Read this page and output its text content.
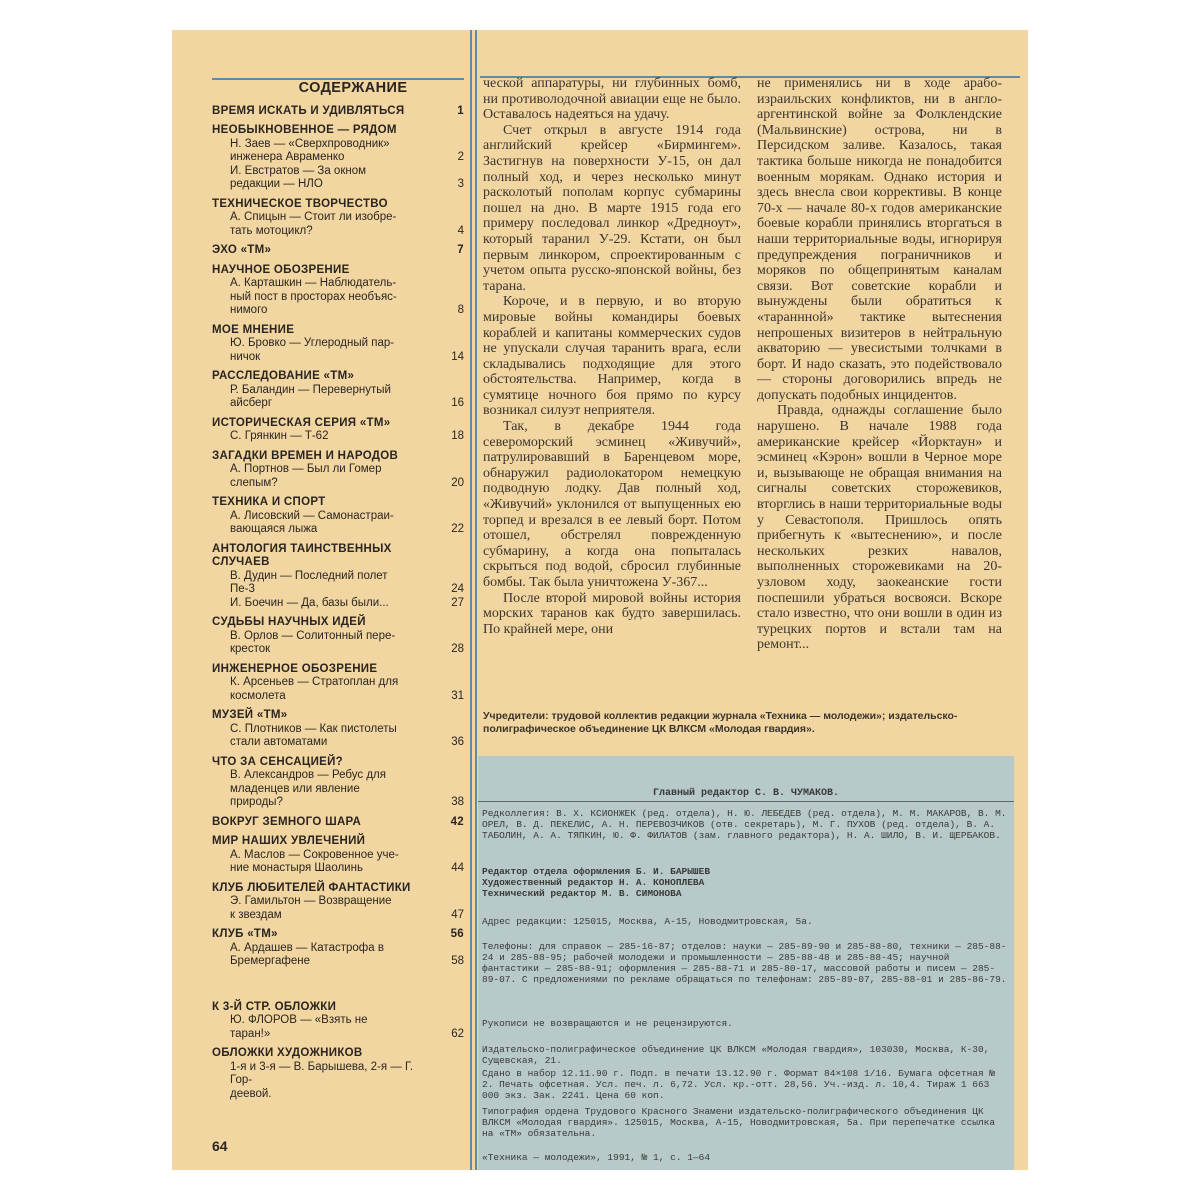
СОДЕРЖАНИЕ
ВРЕМЯ ИСКАТЬ И УДИВЛЯТЬСЯ	1
НЕОБЫКНОВЕННОЕ — РЯДОМ
Н. Заев — «Сверхпроводник»
инженера Авраменко	2
И. Евстратов — За окном
редакции — НЛО	3
ТЕХНИЧЕСКОЕ ТВОРЧЕСТВО
А. Спицын — Стоит ли изобре-
тать мотоцикл?	4
ЭХО «ТМ»	7
НАУЧНОЕ ОБОЗРЕНИЕ
А. Карташкин — Наблюдатель-
ный пост в просторах необъяс-
нимого	8
МОЕ МНЕНИЕ
Ю. Бровко — Углеродный пар-
ничок	14
РАССЛЕДОВАНИЕ «ТМ»
Р. Баландин — Перевернутый
айсберг	16
ИСТОРИЧЕСКАЯ СЕРИЯ «ТМ»
С. Грянкин — Т-62	18
ЗАГАДКИ ВРЕМЕН И НАРОДОВ
А. Портнов — Был ли Гомер
слепым?	20
ТЕХНИКА И СПОРТ
А. Лисовский — Самонастраи-
вающаяся лыжа	22
АНТОЛОГИЯ ТАИНСТВЕННЫХ СЛУЧАЕВ
В. Дудин — Последний полет
Пе-3	24
И. Боечин — Да, базы были...	27
СУДЬБЫ НАУЧНЫХ ИДЕЙ
В. Орлов — Солитонный пере-
кресток	28
ИНЖЕНЕРНОЕ ОБОЗРЕНИЕ
К. Арсеньев — Стратоплан для
космолета	31
МУЗЕЙ «ТМ»
С. Плотников — Как пистолеты
стали автоматами	36
ЧТО ЗА СЕНСАЦИЕЙ?
В. Александров — Ребус для
младенцев или явление
природы?	38
ВОКРУГ ЗЕМНОГО ШАРА	42
МИР НАШИХ УВЛЕЧЕНИЙ
А. Маслов — Сокровенное уче-
ние монастыря Шаолинь	44
КЛУБ ЛЮБИТЕЛЕЙ ФАНТАСТИКИ
Э. Гамильтон — Возвращение
к звездам	47
КЛУБ «ТМ»	56
А. Ардашев — Катастрофа в
Бремергафене	58
К 3-Й СТР. ОБЛОЖКИ
Ю. ФЛОРОВ — «Взять не
таран!»	62
ОБЛОЖКИ ХУДОЖНИКОВ
1-я и 3-я — В. Барышева, 2-я — Г. Гор-
деевой.
64

ческой аппаратуры, ни глубинных бомб, ни противолодочной авиации еще не было. Оставалось надеяться на удачу.

Счет открыл в августе 1914 года английский крейсер «Бирмингем». Застигнув на поверхности У-15, он дал полный ход, и через несколько минут расколотый пополам корпус субмарины пошел на дно. В марте 1915 года его примеру последовал линкор «Дредноут», который таранил У-29. Кстати, он был первым линкором, спроектированным с учетом опыта русско-японской войны, без тарана.

Короче, и в первую, и во вторую мировые войны командиры боевых кораблей и капитаны коммерческих судов не упускали случая таранить врага, если складывались подходящие для этого обстоятельства. Например, когда в сумятице ночного боя прямо по курсу возникал силуэт неприятеля.

Так, в декабре 1944 года североморский эсминец «Живучий», патрулировавший в Баренцевом море, обнаружил радиолокатором немецкую подводную лодку. Дав полный ход, «Живучий» уклонился от выпущенных ею торпед и врезался в ее левый борт. Потом отошел, обстрелял поврежденную субмарину, а когда она попыталась скрыться под водой, сбросил глубинные бомбы. Так была уничтожена У-367...

После второй мировой войны история морских таранов как будто завершилась. По крайней мере, они

не применялись ни в ходе арабо-израильских конфликтов, ни в англо-аргентинской войне за Фолклендские (Мальвинские) острова, ни в Персидском заливе. Казалось, такая тактика больше никогда не понадобится военным морякам. Однако история и здесь внесла свои коррективы. В конце 70-х — начале 80-х годов американские боевые корабли принялись вторгаться в наши территориальные воды, игнорируя предупреждения пограничников и моряков по общепринятым каналам связи. Вот советские корабли и вынуждены были обратиться к «тараннной» тактике вытеснения непрошеных визитеров в нейтральную акваторию — увесистыми толчками в борт. И надо сказать, это подействовало — стороны договорились впредь не допускать подобных инцидентов.

Правда, однажды соглашение было нарушено. В начале 1988 года американские крейсер «Йорктаун» и эсминец «Кэрон» вошли в Черное море и, вызывающе не обращая внимания на сигналы советских сторожевиков, вторглись в наши территориальные воды у Севастополя. Пришлось опять прибегнуть к «вытеснению», и после нескольких резких навалов, выполненных сторожевиками на 20-узловом ходу, заокеанские гости поспешили убраться восвояси. Вскоре стало известно, что они вошли в один из турецких портов и встали там на ремонт...

Учредители: трудовой коллектив редакции журнала «Техника — молодежи»; издательско-полиграфическое объединение ЦК ВЛКСМ «Молодая гвардия».
Главный редактор С. В. ЧУМАКОВ.
Редколлегия: В. Х. КСИОНЖЕК (ред. отдела), Н. Ю. ЛЕБЕДЕВ (ред. отдела), М. М. МАКАРОВ, В. М. ОРЕЛ, В. Д. ПЕКЕЛИС, А. Н. ПЕРЕВОЗЧИКОВ (отв. секретарь), М. Г. ПУХОВ (ред. отдела), В. А. ТАБОЛИН, А. А. ТЯПКИН, Ю. Ф. ФИЛАТОВ (зам. главного редактора), Н. А. ШИЛО, В. И. ЩЕРБАКОВ.
Редактор отдела оформления Б. И. БАРЫШЕВ
Художественный редактор Н. А. КОНОПЛЕВА
Технический редактор М. В. СИМОНОВА
Адрес редакции: 125015, Москва, А-15, Новодмитровская, 5а.
Телефоны: для справок — 285-16-87; отделов: науки — 285-89-90 и 285-88-80, техники — 285-88-24 и 285-88-95; рабочей молодежи и промышленности — 285-88-48 и 285-88-45; научной фантастики — 285-88-91; оформления — 285-88-71 и 285-80-17, массовой работы и писем — 285-89-07. С предложениями по рекламе обращаться по телефонам: 285-89-07, 285-88-01 и 285-86-79.
Рукописи не возвращаются и не рецензируются.
Издательско-полиграфическое объединение ЦК ВЛКСМ «Молодая гвардия», 103030, Москва, К-30, Сущевская, 21.
Сдано в набор 12.11.90 г. Подп. в печати 13.12.90 г. Формат 84×108 1/16. Бумага офсетная № 2. Печать офсетная. Усл. печ. л. 6,72. Усл. кр.-отт. 28,56. Уч.-изд. л. 10,4. Тираж 1 663 000 экз. Зак. 2241. Цена 60 коп.
Типография ордена Трудового Красного Знамени издательско-полиграфического объединения ЦК ВЛКСМ «Молодая гвардия». 125015, Москва, А-15, Новодмитровская, 5а. При перепечатке ссылка на «ТМ» обязательна.
«Техника — молодежи», 1991, № 1, с. 1—64
